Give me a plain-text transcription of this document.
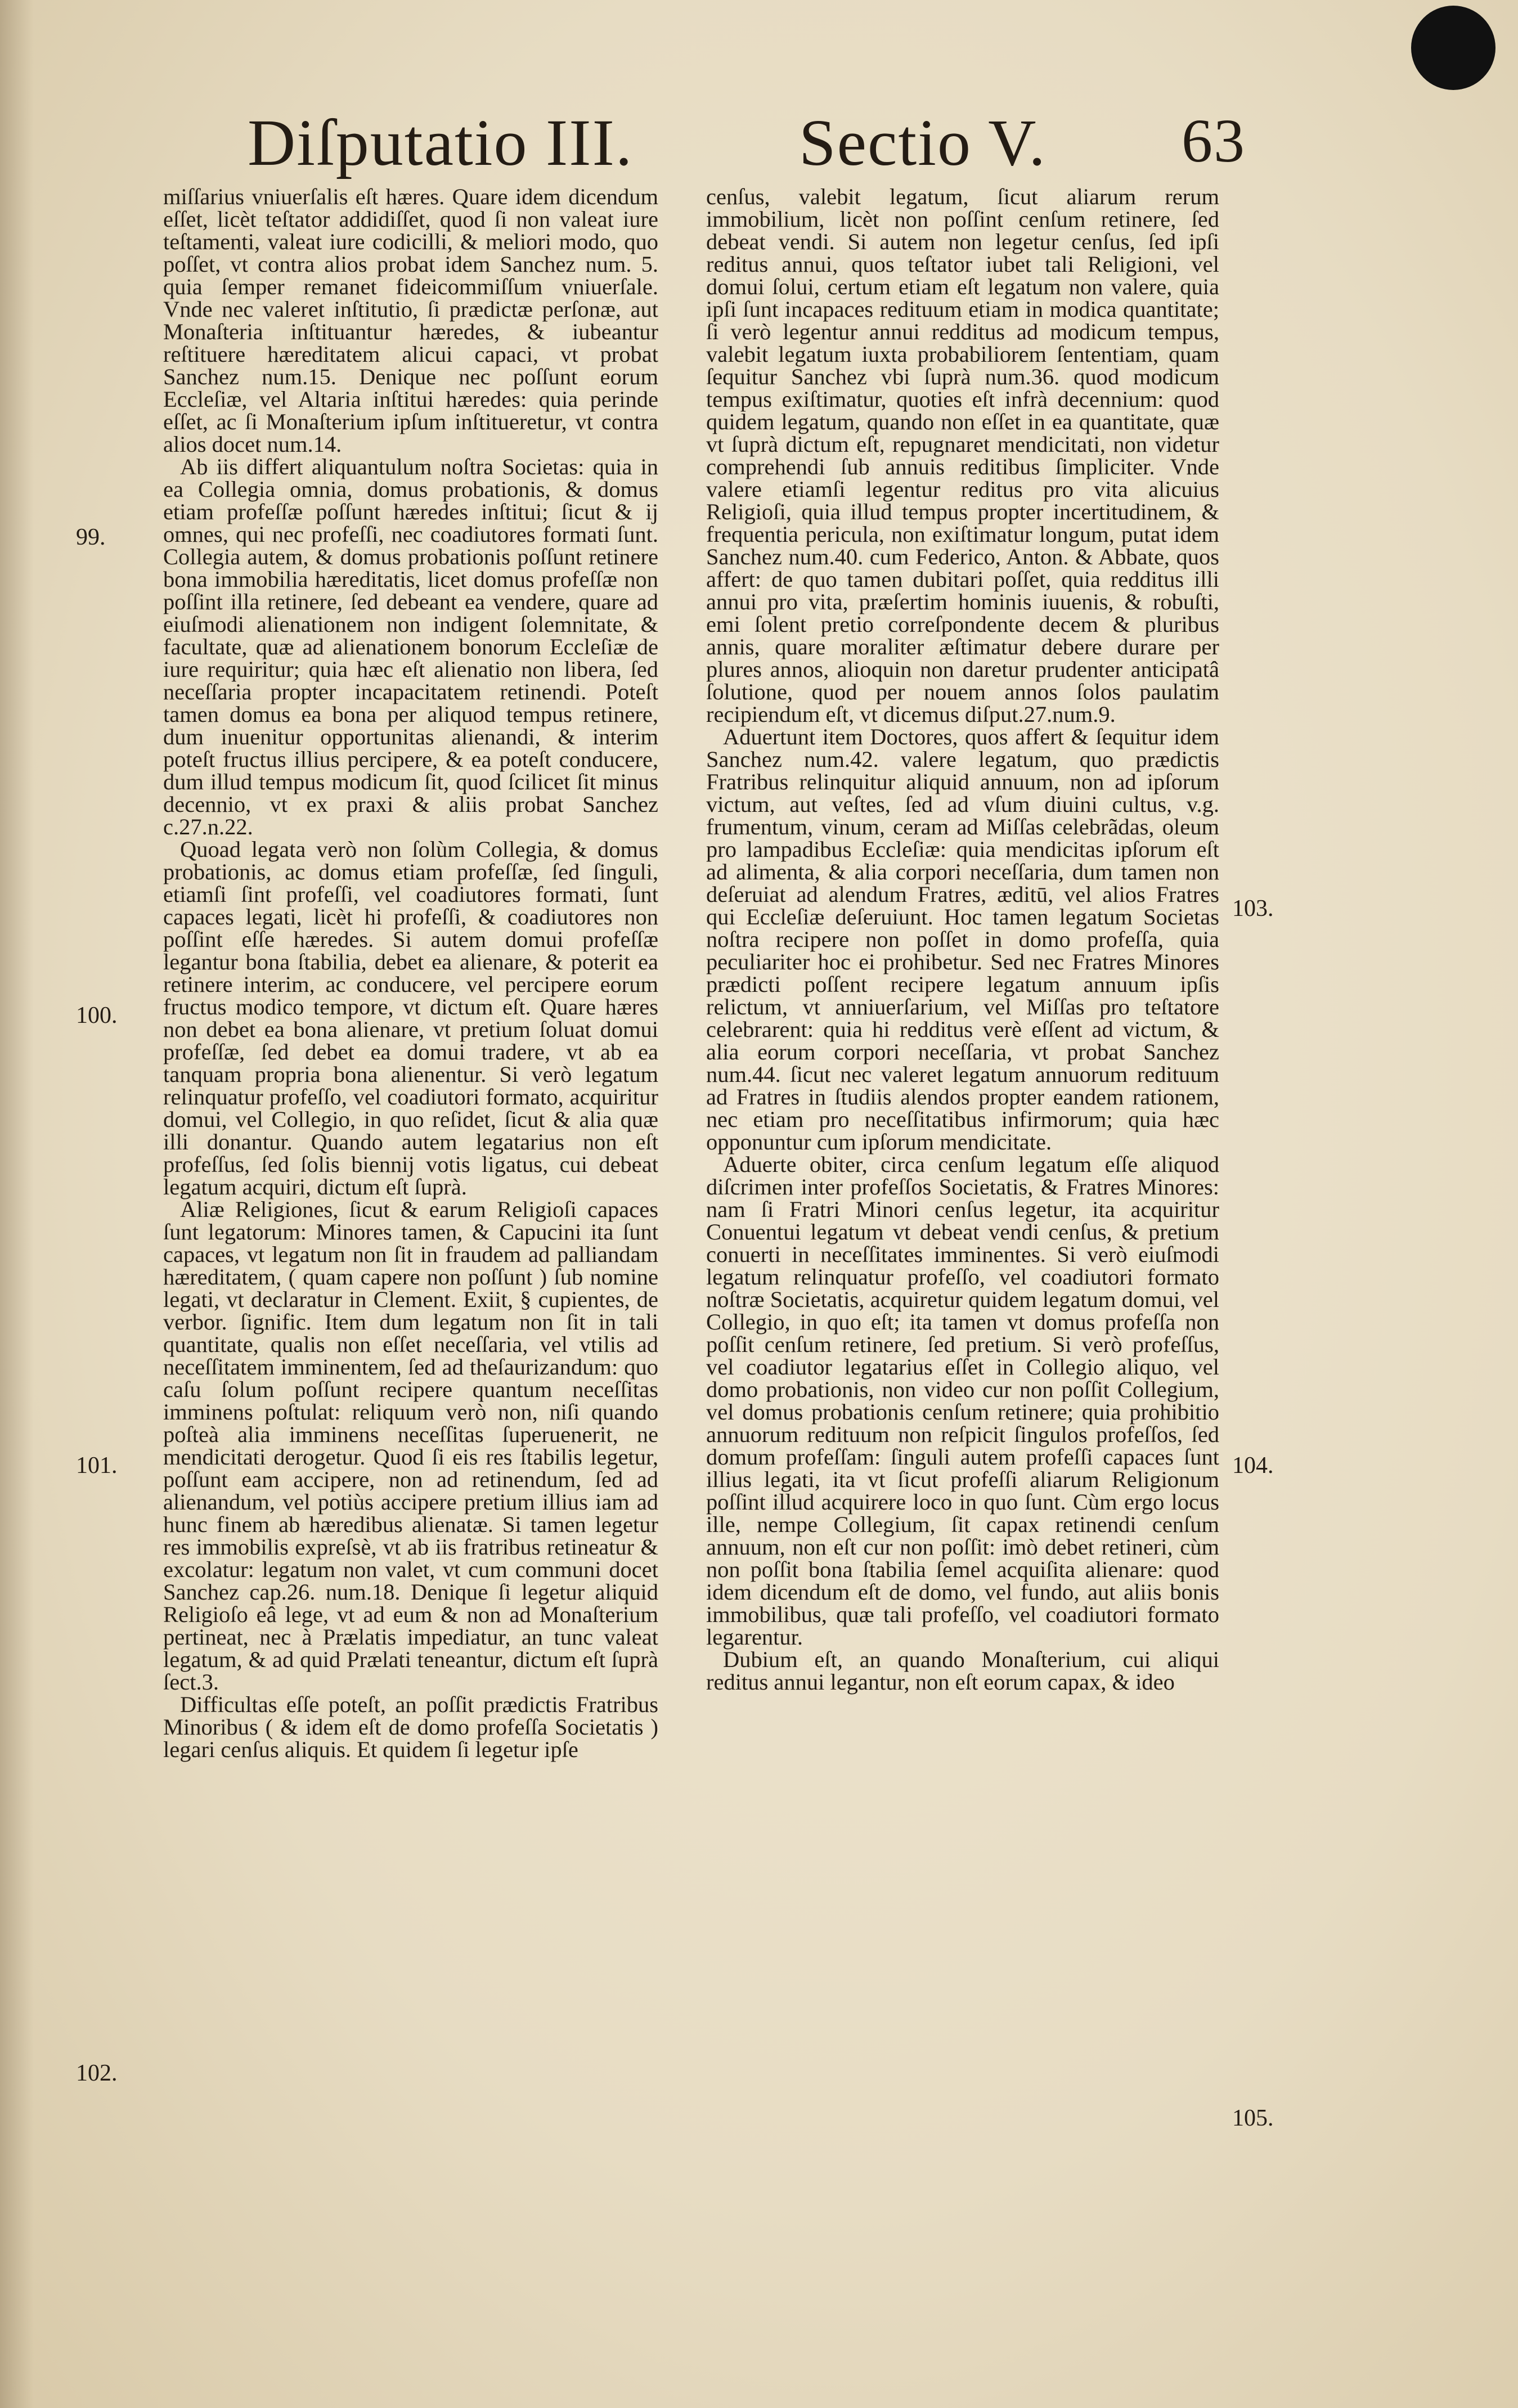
Diſputatio III. Sectio V. 63

miſſarius vniuerſalis eſt hæres. Quare idem dicendum eſſet, licèt teſtator addidiſſet, quod ſi non valeat iure teſtamenti, valeat iure codicilli, & meliori modo, quo poſſet, vt contra alios probat idem Sanchez num. 5. quia ſemper remanet fideicommiſſum vniuerſale. Vnde nec valeret inſtitutio, ſi prædictæ perſonæ, aut Monaſteria inſtituantur hæredes, & iubeantur reſtituere hæreditatem alicui capaci, vt probat Sanchez num.15. Denique nec poſſunt eorum Eccleſiæ, vel Altaria inſtitui hæredes: quia perinde eſſet, ac ſi Monaſterium ipſum inſtitueretur, vt contra alios docet num.14.

Ab iis differt aliquantulum noſtra Societas: quia in ea Collegia omnia, domus probationis, & domus etiam profeſſæ poſſunt hæredes inſtitui; ſicut & ij omnes, qui nec profeſſi, nec coadiutores formati ſunt. Collegia autem, & domus probationis poſſunt retinere bona immobilia hæreditatis, licet domus profeſſæ non poſſint illa retinere, ſed debeant ea vendere, quare ad eiuſmodi alienationem non indigent ſolemnitate, & facultate, quæ ad alienationem bonorum Eccleſiæ de iure requiritur; quia hæc eſt alienatio non libera, ſed neceſſaria propter incapacitatem retinendi. Poteſt tamen domus ea bona per aliquod tempus retinere, dum inuenitur opportunitas alienandi, & interim poteſt fructus illius percipere, & ea poteſt conducere, dum illud tempus modicum ſit, quod ſcilicet ſit minus decennio, vt ex praxi & aliis probat Sanchez c.27.n.22.

Quoad legata verò non ſolùm Collegia, & domus probationis, ac domus etiam profeſſæ, ſed ſinguli, etiamſi ſint profeſſi, vel coadiutores formati, ſunt capaces legati, licèt hi profeſſi, & coadiutores non poſſint eſſe hæredes. Si autem domui profeſſæ legantur bona ſtabilia, debet ea alienare, & poterit ea retinere interim, ac conducere, vel percipere eorum fructus modico tempore, vt dictum eſt. Quare hæres non debet ea bona alienare, vt pretium ſoluat domui profeſſæ, ſed debet ea domui tradere, vt ab ea tanquam propria bona alienentur. Si verò legatum relinquatur profeſſo, vel coadiutori formato, acquiritur domui, vel Collegio, in quo reſidet, ſicut & alia quæ illi donantur. Quando autem legatarius non eſt profeſſus, ſed ſolis biennij votis ligatus, cui debeat legatum acquiri, dictum eſt ſuprà.

Aliæ Religiones, ſicut & earum Religioſi capaces ſunt legatorum: Minores tamen, & Capucini ita ſunt capaces, vt legatum non ſit in fraudem ad palliandam hæreditatem, ( quam capere non poſſunt ) ſub nomine legati, vt declaratur in Clement. Exiit, § cupientes, de verbor. ſignific. Item dum legatum non ſit in tali quantitate, qualis non eſſet neceſſaria, vel vtilis ad neceſſitatem imminentem, ſed ad theſaurizandum: quo caſu ſolum poſſunt recipere quantum neceſſitas imminens poſtulat: reliquum verò non, niſi quando poſteà alia imminens neceſſitas ſuperuenerit, ne mendicitati derogetur. Quod ſi eis res ſtabilis legetur, poſſunt eam accipere, non ad retinendum, ſed ad alienandum, vel potiùs accipere pretium illius iam ad hunc finem ab hæredibus alienatæ. Si tamen legetur res immobilis expreſsè, vt ab iis fratribus retineatur & excolatur: legatum non valet, vt cum communi docet Sanchez cap.26. num.18. Denique ſi legetur aliquid Religioſo eâ lege, vt ad eum & non ad Monaſterium pertineat, nec à Prælatis impediatur, an tunc valeat legatum, & ad quid Prælati teneantur, dictum eſt ſuprà ſect.3.

Difficultas eſſe poteſt, an poſſit prædictis Fratribus Minoribus ( & idem eſt de domo profeſſa Societatis ) legari cenſus aliquis. Et quidem ſi legetur ipſe

cenſus, valebit legatum, ſicut aliarum rerum immobilium, licèt non poſſint cenſum retinere, ſed debeat vendi. Si autem non legetur cenſus, ſed ipſi reditus annui, quos teſtator iubet tali Religioni, vel domui ſolui, certum etiam eſt legatum non valere, quia ipſi ſunt incapaces redituum etiam in modica quantitate; ſi verò legentur annui redditus ad modicum tempus, valebit legatum iuxta probabiliorem ſententiam, quam ſequitur Sanchez vbi ſuprà num.36. quod modicum tempus exiſtimatur, quoties eſt infrà decennium: quod quidem legatum, quando non eſſet in ea quantitate, quæ vt ſuprà dictum eſt, repugnaret mendicitati, non videtur comprehendi ſub annuis reditibus ſimpliciter. Vnde valere etiamſi legentur reditus pro vita alicuius Religioſi, quia illud tempus propter incertitudinem, & frequentia pericula, non exiſtimatur longum, putat idem Sanchez num.40. cum Federico, Anton. & Abbate, quos affert: de quo tamen dubitari poſſet, quia redditus illi annui pro vita, præſertim hominis iuuenis, & robuſti, emi ſolent pretio correſpondente decem & pluribus annis, quare moraliter æſtimatur debere durare per plures annos, alioquin non daretur prudenter anticipatâ ſolutione, quod per nouem annos ſolos paulatim recipiendum eſt, vt dicemus diſput.27.num.9.

Aduertunt item Doctores, quos affert & ſequitur idem Sanchez num.42. valere legatum, quo prædictis Fratribus relinquitur aliquid annuum, non ad ipſorum victum, aut veſtes, ſed ad vſum diuini cultus, v.g. frumentum, vinum, ceram ad Miſſas celebrãdas, oleum pro lampadibus Eccleſiæ: quia mendicitas ipſorum eſt ad alimenta, & alia corpori neceſſaria, dum tamen non deſeruiat ad alendum Fratres, æditū, vel alios Fratres qui Eccleſiæ deſeruiunt. Hoc tamen legatum Societas noſtra recipere non poſſet in domo profeſſa, quia peculiariter hoc ei prohibetur. Sed nec Fratres Minores prædicti poſſent recipere legatum annuum ipſis relictum, vt anniuerſarium, vel Miſſas pro teſtatore celebrarent: quia hi redditus verè eſſent ad victum, & alia eorum corpori neceſſaria, vt probat Sanchez num.44. ſicut nec valeret legatum annuorum redituum ad Fratres in ſtudiis alendos propter eandem rationem, nec etiam pro neceſſitatibus infirmorum; quia hæc opponuntur cum ipſorum mendicitate.

Aduerte obiter, circa cenſum legatum eſſe aliquod diſcrimen inter profeſſos Societatis, & Fratres Minores: nam ſi Fratri Minori cenſus legetur, ita acquiritur Conuentui legatum vt debeat vendi cenſus, & pretium conuerti in neceſſitates imminentes. Si verò eiuſmodi legatum relinquatur profeſſo, vel coadiutori formato noſtræ Societatis, acquiretur quidem legatum domui, vel Collegio, in quo eſt; ita tamen vt domus profeſſa non poſſit cenſum retinere, ſed pretium. Si verò profeſſus, vel coadiutor legatarius eſſet in Collegio aliquo, vel domo probationis, non video cur non poſſit Collegium, vel domus probationis cenſum retinere; quia prohibitio annuorum redituum non reſpicit ſingulos profeſſos, ſed domum profeſſam: ſinguli autem profeſſi capaces ſunt illius legati, ita vt ſicut profeſſi aliarum Religionum poſſint illud acquirere loco in quo ſunt. Cùm ergo locus ille, nempe Collegium, ſit capax retinendi cenſum annuum, non eſt cur non poſſit: imò debet retineri, cùm non poſſit bona ſtabilia ſemel acquiſita alienare: quod idem dicendum eſt de domo, vel fundo, aut aliis bonis immobilibus, quæ tali profeſſo, vel coadiutori formato legarentur.

Dubium eſt, an quando Monaſterium, cui aliqui reditus annui legantur, non eſt eorum capax, & ideo

99.
100.
101.
102.
103.
104.
105.
